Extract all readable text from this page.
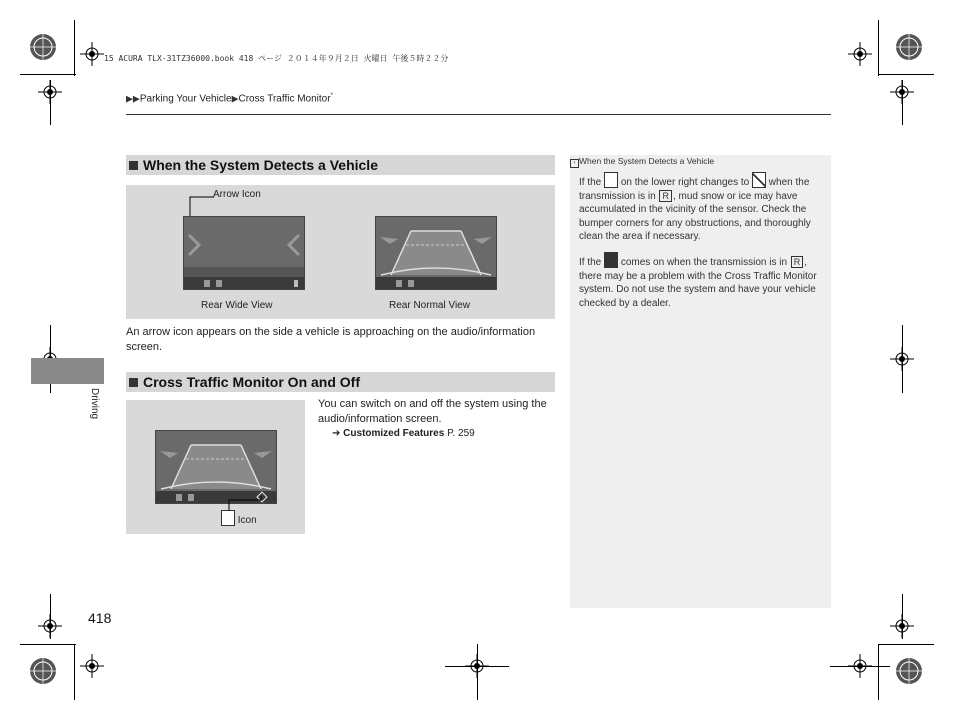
15 ACURA TLX-31TZ36000.book 418 ページ ２０１４年９月２日 火曜日 午後５時２２分
▶▶Parking Your Vehicle▶Cross Traffic Monitor*
Driving
When the System Detects a Vehicle
Arrow Icon
Rear Wide View	Rear Normal View
An arrow icon appears on the side a vehicle is approaching on the audio/information screen.
Cross Traffic Monitor On and Off
Icon
You can switch on and off the system using the audio/information screen.
➔ Customized Features P. 259
› When the System Detects a Vehicle
If the on the lower right changes to when the transmission is in R , mud snow or ice may have accumulated in the vicinity of the sensor. Check the bumper corners for any obstructions, and thoroughly clean the area if necessary.
If the comes on when the transmission is in R , there may be a problem with the Cross Traffic Monitor system. Do not use the system and have your vehicle checked by a dealer.
418
